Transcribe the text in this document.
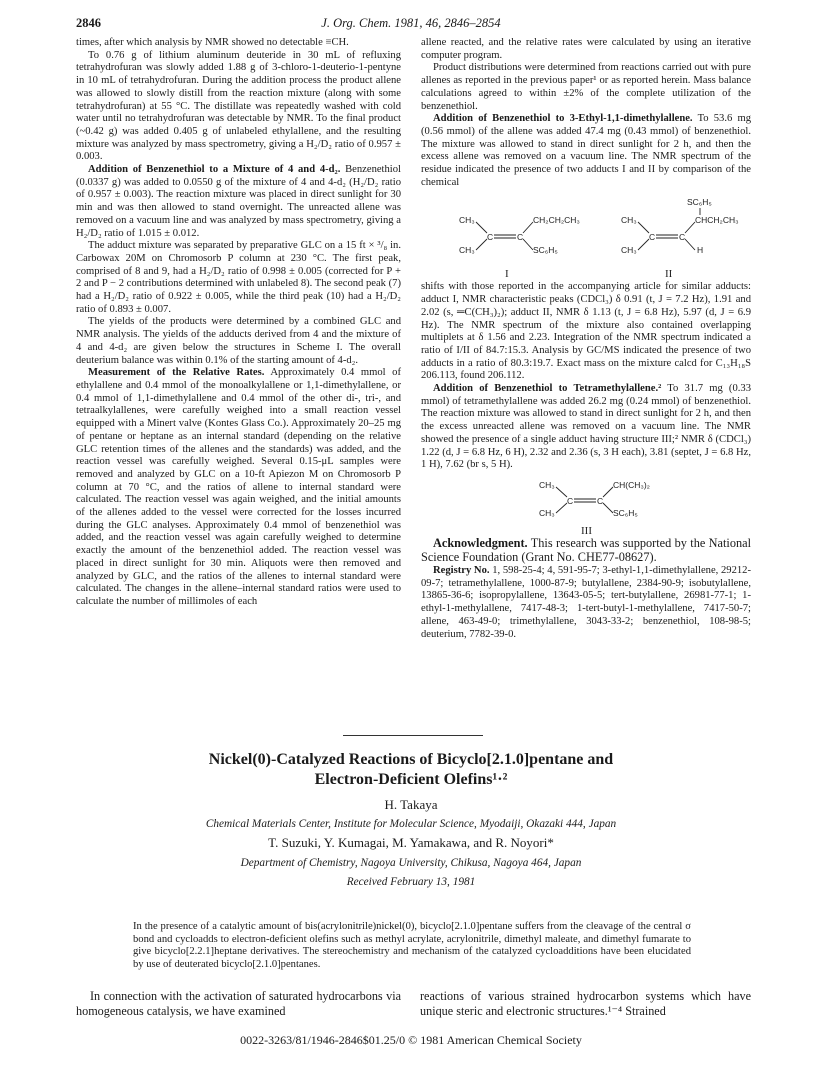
2846	J. Org. Chem. 1981, 46, 2846–2854

times, after which analysis by NMR showed no detectable ≡CH.

To 0.76 g of lithium aluminum deuteride in 30 mL of refluxing tetrahydrofuran was slowly added 1.88 g of 3-chloro-1-deuterio-1-pentyne in 10 mL of tetrahydrofuran. During the addition process the product allene was allowed to slowly distill from the reaction mixture (along with some tetrahydrofuran) at 55 °C. The distillate was repeatedly washed with cold water until no tetrahydrofuran was detectable by NMR. To the final product (~0.42 g) was added 0.405 g of unlabeled ethylallene, and the resulting mixture was analyzed by mass spectrometry, giving a H₂/D₂ ratio of 0.957 ± 0.003.

Addition of Benzenethiol to a Mixture of 4 and 4-d₂. Benzenethiol (0.0337 g) was added to 0.0550 g of the mixture of 4 and 4-d₂ (H₂/D₂ ratio of 0.957 ± 0.003). The reaction mixture was placed in direct sunlight for 30 min and was then allowed to stand overnight. The unreacted allene was removed on a vacuum line and was analyzed by mass spectrometry, giving a H₂/D₂ ratio of 1.015 ± 0.012.

The adduct mixture was separated by preparative GLC on a 15 ft × ³/₈ in. Carbowax 20M on Chromosorb P column at 230 °C. The first peak, comprised of 8 and 9, had a H₂/D₂ ratio of 0.998 ± 0.005 (corrected for P + 2 and P − 2 contributions determined with unlabeled 8). The second peak (7) had a H₂/D₂ ratio of 0.922 ± 0.005, while the third peak (10) had a H₂/D₂ ratio of 0.893 ± 0.007.

The yields of the products were determined by a combined GLC and NMR analysis. The yields of the adducts derived from 4 and the mixture of 4 and 4-d₂ are given below the structures in Scheme I. The overall deuterium balance was within 0.1% of the starting amount of 4-d₂.

Measurement of the Relative Rates. Approximately 0.4 mmol of ethylallene and 0.4 mmol of the monoalkylallene or 1,1-dimethylallene, or 0.4 mmol of 1,1-dimethylallene and 0.4 mmol of the other di-, tri-, and tetraalkylallenes, were carefully weighed into a small reaction vessel equipped with a Minert valve (Kontes Glass Co.). Approximately 20–25 mg of pentane or heptane as an internal standard (depending on the relative GLC retention times of the allenes and the standards) was added, and the reaction vessel was carefully weighed. Several 0.15-μL samples were removed and analyzed by GLC on a 10-ft Apiezon M on Chromosorb P column at 70 °C, and the ratios of allene to internal standard were calculated. The reaction vessel was again weighed, and the initial amounts of the allenes added to the vessel were corrected for the losses incurred during the GLC analyses. Approximately 0.4 mmol of benzenethiol was added, and the reaction vessel was again carefully weighed to determine exactly the amount of the benzenethiol added. The reaction vessel was placed in direct sunlight for 30 min. Aliquots were then removed and analyzed by GLC, and the ratios of the allenes to internal standard were calculated. The changes in the allene–internal standard ratios were used to calculate the number of millimoles of each

allene reacted, and the relative rates were calculated by using an iterative computer program.

Product distributions were determined from reactions carried out with pure allenes as reported in the previous paper¹ or as reported herein. Mass balance calculations agreed to within ±2% of the complete utilization of the benzenethiol.

Addition of Benzenethiol to 3-Ethyl-1,1-dimethylallene. To 53.6 mg (0.56 mmol) of the allene was added 47.4 mg (0.43 mmol) of benzenethiol. The mixture was allowed to stand in direct sunlight for 2 h, and then the excess allene was removed on a vacuum line. The NMR spectrum of the residue indicated the presence of two adducts I and II by comparison of the chemical

CH₃
CH₃
C	C
CH₂CH₂CH₃
SC₆H₅
I
SC₆H₅
CH₃
CH₃
C	C
CHCH₂CH₃
H
II

shifts with those reported in the accompanying article for similar adducts: adduct I, NMR characteristic peaks (CDCl₃) δ 0.91 (t, J = 7.2 Hz), 1.91 and 2.02 (s, ═C(CH₃)₂); adduct II, NMR δ 1.13 (t, J = 6.8 Hz), 5.97 (d, J = 6.9 Hz). The NMR spectrum of the mixture also contained overlapping multiplets at δ 1.56 and 2.23. Integration of the NMR spectrum indicated a ratio of I/II of 84.7:15.3. Analysis by GC/MS indicated the presence of two adducts in a ratio of 80.3:19.7. Exact mass on the mixture calcd for C₁₃H₁₈S 206.113, found 206.112.

Addition of Benzenethiol to Tetramethylallene.² To 31.7 mg (0.33 mmol) of tetramethylallene was added 26.2 mg (0.24 mmol) of benzenethiol. The reaction mixture was allowed to stand in direct sunlight for 2 h, and then the excess unreacted allene was removed on a vacuum line. The NMR showed the presence of a single adduct having structure III;² NMR δ (CDCl₃) 1.22 (d, J = 6.8 Hz, 6 H), 2.32 and 2.36 (s, 3 H each), 3.81 (septet, J = 6.8 Hz, 1 H), 7.62 (br s, 5 H).

CH₃
CH₃
C	C
CH(CH₃)₂
SC₆H₅
III

Acknowledgment. This research was supported by the National Science Foundation (Grant No. CHE77-08627).

Registry No. 1, 598-25-4; 4, 591-95-7; 3-ethyl-1,1-dimethylallene, 29212-09-7; tetramethylallene, 1000-87-9; butylallene, 2384-90-9; isobutylallene, 13865-36-6; isopropylallene, 13643-05-5; tert-butylallene, 26981-77-1; 1-ethyl-1-methylallene, 7417-48-3; 1-tert-butyl-1-methylallene, 7417-50-7; allene, 463-49-0; trimethylallene, 3043-33-2; benzenethiol, 108-98-5; deuterium, 7782-39-0.

Nickel(0)-Catalyzed Reactions of Bicyclo[2.1.0]pentane and
Electron-Deficient Olefins¹·²
H. Takaya
Chemical Materials Center, Institute for Molecular Science, Myodaiji, Okazaki 444, Japan
T. Suzuki, Y. Kumagai, M. Yamakawa, and R. Noyori*
Department of Chemistry, Nagoya University, Chikusa, Nagoya 464, Japan
Received February 13, 1981
In the presence of a catalytic amount of bis(acrylonitrile)nickel(0), bicyclo[2.1.0]pentane suffers from the cleavage of the central σ bond and cycloadds to electron-deficient olefins such as methyl acrylate, acrylonitrile, dimethyl maleate, and dimethyl fumarate to give bicyclo[2.2.1]heptane derivatives. The stereochemistry and mechanism of the catalyzed cycloadditions have been elucidated by use of deuterated bicyclo[2.1.0]pentanes.
In connection with the activation of saturated hydrocarbons via homogeneous catalysis, we have examined
reactions of various strained hydrocarbon systems which have unique steric and electronic structures.¹⁻⁴ Strained
0022-3263/81/1946-2846$01.25/0 © 1981 American Chemical Society
